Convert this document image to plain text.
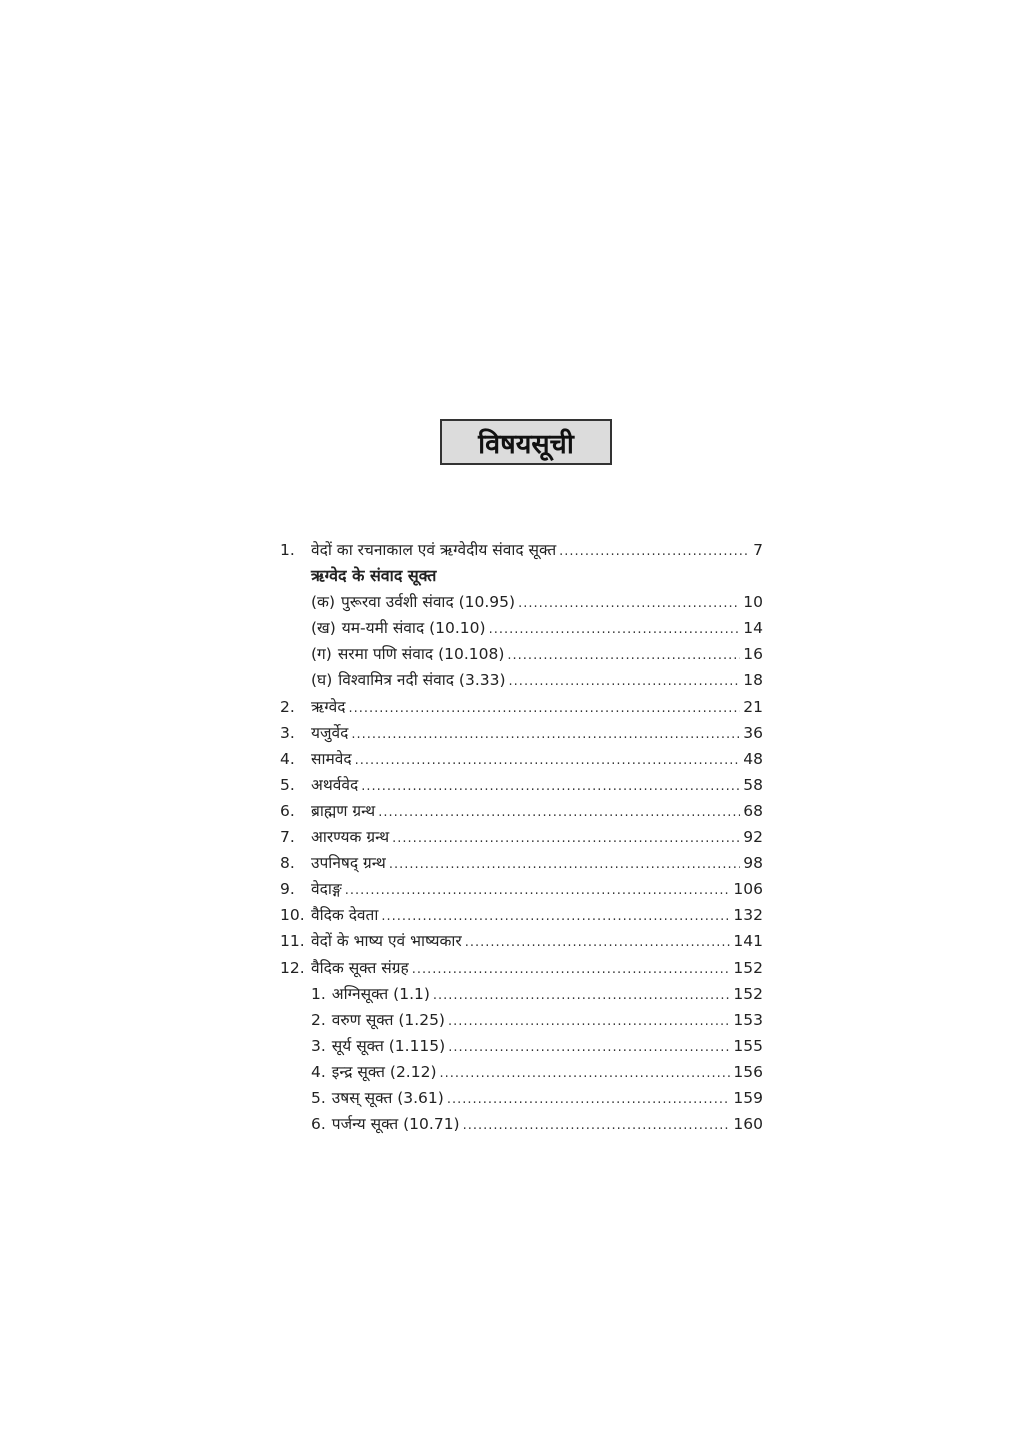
विषयसूची
1.	वेदों का रचनाकाल एवं ऋग्वेदीय संवाद सूक्त .....	7
ऋग्वेद के संवाद सूक्त
(क) पुरूरवा उर्वशी संवाद (10.95) .....	10
(ख) यम-यमी संवाद (10.10) .....	14
(ग) सरमा पणि संवाद (10.108) .....	16
(घ) विश्वामित्र नदी संवाद (3.33) .....	18
2.	ऋग्वेद .....	21
3.	यजुर्वेद .....	36
4.	सामवेद .....	48
5.	अथर्ववेद .....	58
6.	ब्राह्मण ग्रन्थ .....	68
7.	आरण्यक ग्रन्थ .....	92
8.	उपनिषद् ग्रन्थ .....	98
9.	वेदाङ्ग .....	106
10. वैदिक देवता .....	132
11. वेदों के भाष्य एवं भाष्यकार .....	141
12. वैदिक सूक्त संग्रह .....	152
1. अग्निसूक्त (1.1) .....	152
2. वरुण सूक्त (1.25) .....	153
3. सूर्य सूक्त (1.115) .....	155
4. इन्द्र सूक्त (2.12) .....	156
5. उषस् सूक्त (3.61) .....	159
6. पर्जन्य सूक्त (10.71) .....	160
